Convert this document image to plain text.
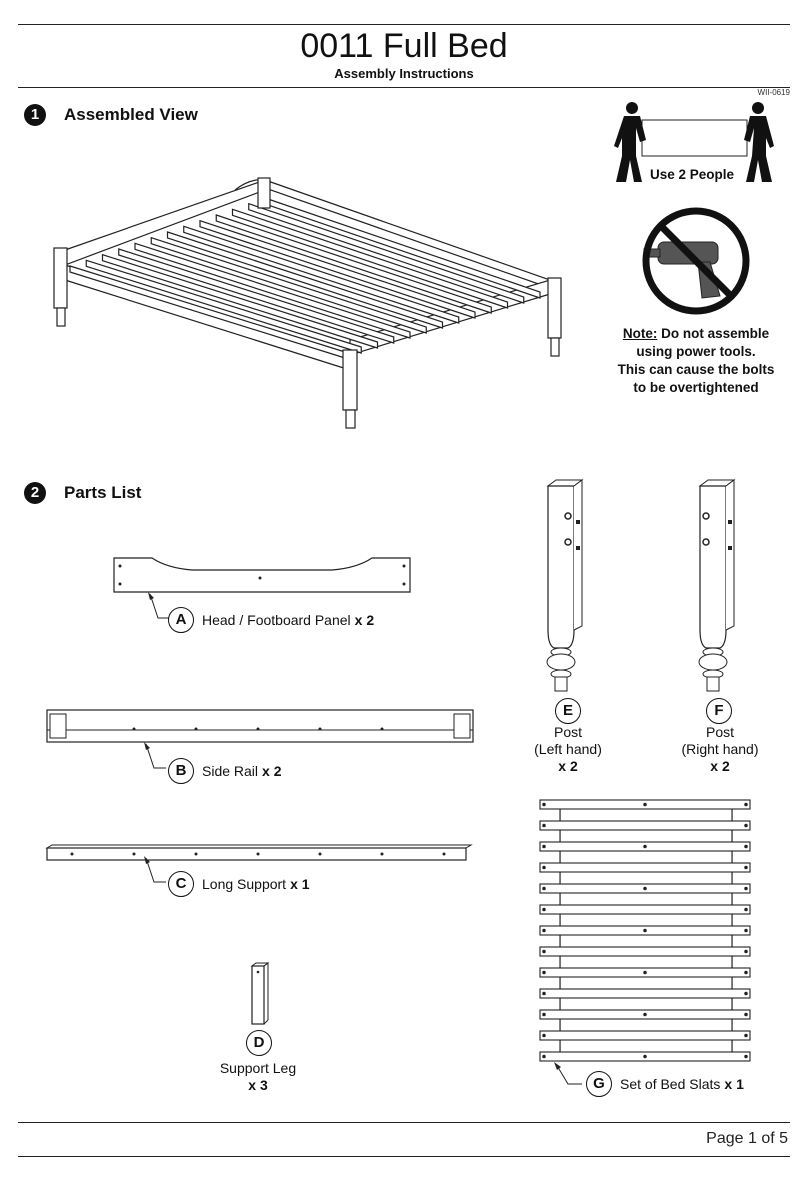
0011 Full Bed
Assembly Instructions
WII-0619
1	Assembled View
Use 2 People
Note: Do not assemble
using power tools.
This can cause the bolts
to be overtightened
2	Parts List
A	Head / Footboard Panel x 2
B	Side Rail x 2
C	Long Support x 1
D
Support Leg
x 3
E
Post
(Left hand)
x 2
F
Post
(Right hand)
x 2
G	Set of Bed Slats x 1
Page 1 of 5
